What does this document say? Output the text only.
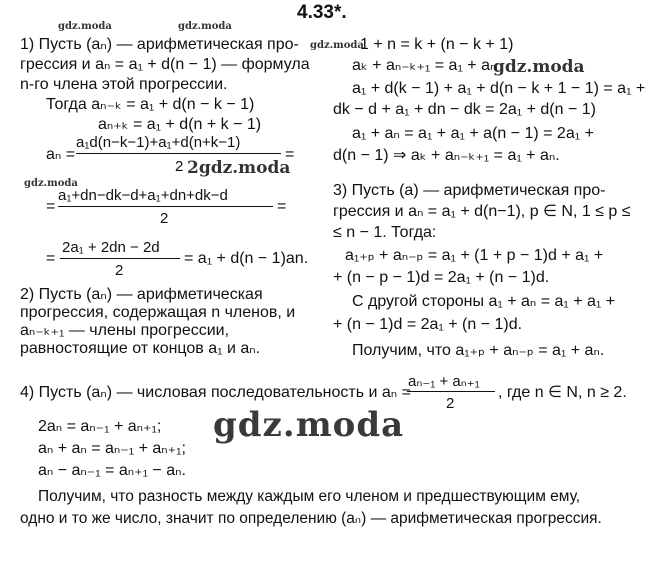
4.33*.
gdz.moda	gdz.moda
gdz.moda
gdz.moda
gdz.moda
2gdz.moda
gdz.moda
1) Пусть (aₙ) — арифметическая про-
грессия и aₙ = a₁ + d(n − 1) — формула
n-го члена этой прогрессии.
Тогда aₙ₋ₖ = a₁ + d(n − k − 1)
aₙ₊ₖ = a₁ + d(n + k − 1)
aₙ =
a₁d(n−k−1)+a₁+d(n+k−1)
2
=
=
a₁+dn−dk−d+a₁+dn+dk−d
2
=
=
2a₁ + 2dn − 2d
2
= a₁ + d(n − 1)an.
2) Пусть (aₙ) — арифметическая
прогрессия, содержащая n членов, и
aₙ₋ₖ₊₁ — члены прогрессии,
равностоящие от концов a₁ и aₙ.
1 + n = k + (n − k + 1)
aₖ + aₙ₋ₖ₊₁ = a₁ + aₙ
a₁ + d(k − 1) + a₁ + d(n − k + 1 − 1) = a₁ +
dk − d + a₁ + dn − dk = 2a₁ + d(n − 1)
a₁ + aₙ = a₁ + a₁ + a(n − 1) = 2a₁ +
d(n − 1) ⇒ aₖ + aₙ₋ₖ₊₁ = a₁ + aₙ.
3) Пусть (a) — арифметическая про-
грессия и aₙ = a₁ + d(n−1), p ∈ N, 1 ≤ p ≤
≤ n − 1. Тогда:
a₁₊ₚ + aₙ₋ₚ = a₁ + (1 + p − 1)d + a₁ +
+ (n − p − 1)d = 2a₁ + (n − 1)d.
С другой стороны a₁ + aₙ = a₁ + a₁ +
+ (n − 1)d = 2a₁ + (n − 1)d.
Получим, что a₁₊ₚ + aₙ₋ₚ = a₁ + aₙ.
4) Пусть (aₙ) — числовая последовательность и aₙ =
aₙ₋₁ + aₙ₊₁
2
, где n ∈ N, n ≥ 2.
2aₙ = aₙ₋₁ + aₙ₊₁;
aₙ + aₙ = aₙ₋₁ + aₙ₊₁;
aₙ − aₙ₋₁ = aₙ₊₁ − aₙ.
Получим, что разность между каждым его членом и предшествующим ему,
одно и то же число, значит по определению (aₙ) — арифметическая прогрессия.
